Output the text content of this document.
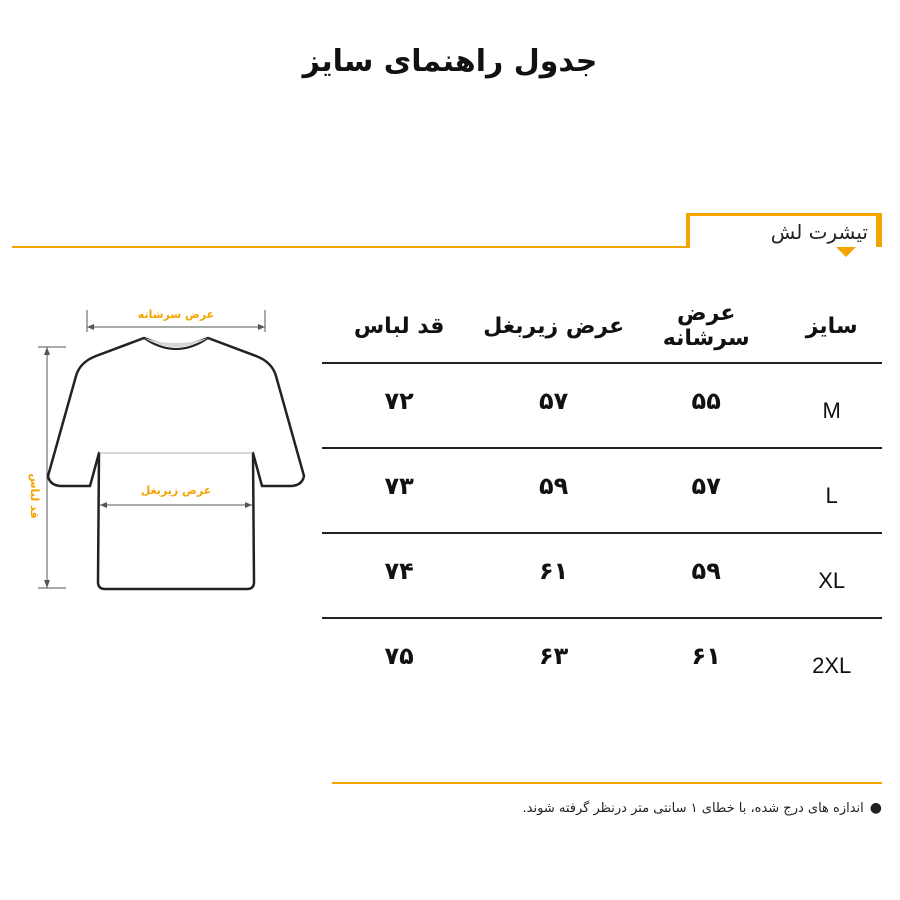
جدول راهنمای سایز
تیشرت لش
عرض سرشانه
قد لباس	عرض زیربغل
سایز	عرض سرشانه	عرض زیربغل	قد لباس
M	۵۵	۵۷	۷۲
L	۵۷	۵۹	۷۳
XL	۵۹	۶۱	۷۴
2XL	۶۱	۶۳	۷۵
●اندازه های درج شده، با خطای ۱ سانتی متر درنظر گرفته شوند.
